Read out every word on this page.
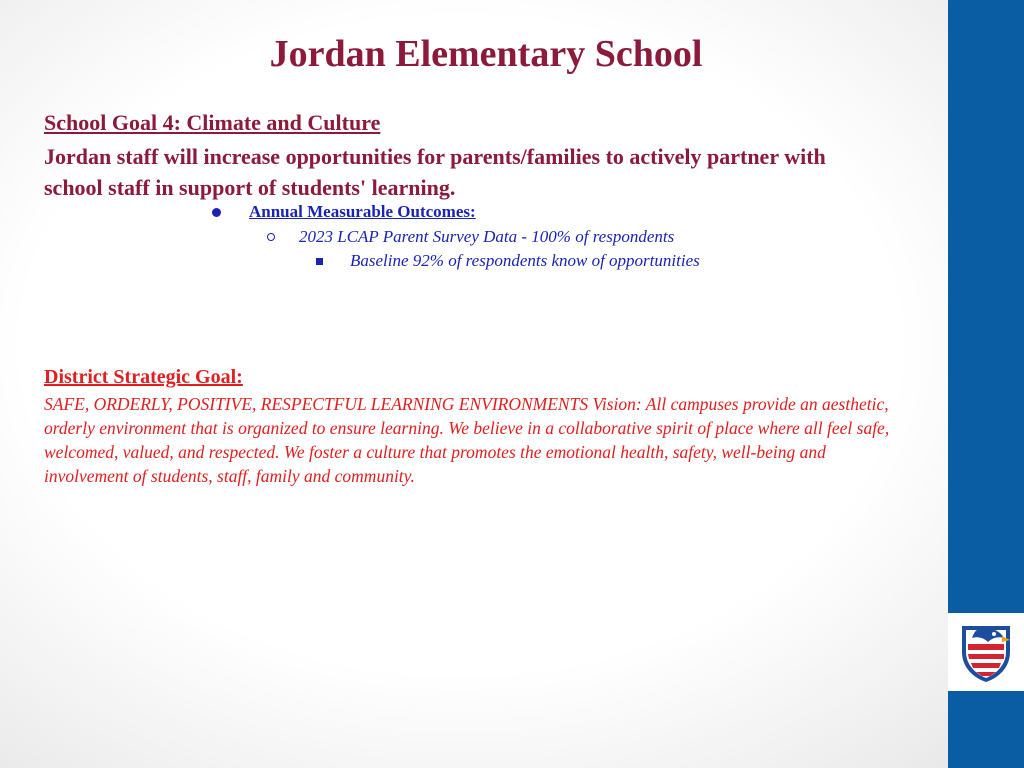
Jordan Elementary School
School Goal 4: Climate and Culture
Jordan staff will increase opportunities for parents/families to actively partner with school staff in support of students' learning.
Annual Measurable Outcomes:
2023 LCAP Parent Survey Data - 100% of respondents
Baseline 92% of respondents know of opportunities
District Strategic Goal:
SAFE, ORDERLY, POSITIVE, RESPECTFUL LEARNING ENVIRONMENTS Vision: All campuses provide an aesthetic, orderly environment that is organized to ensure learning. We believe in a collaborative spirit of place where all feel safe, welcomed, valued, and respected. We foster a culture that promotes the emotional health, safety, well-being and involvement of students, staff, family and community.
